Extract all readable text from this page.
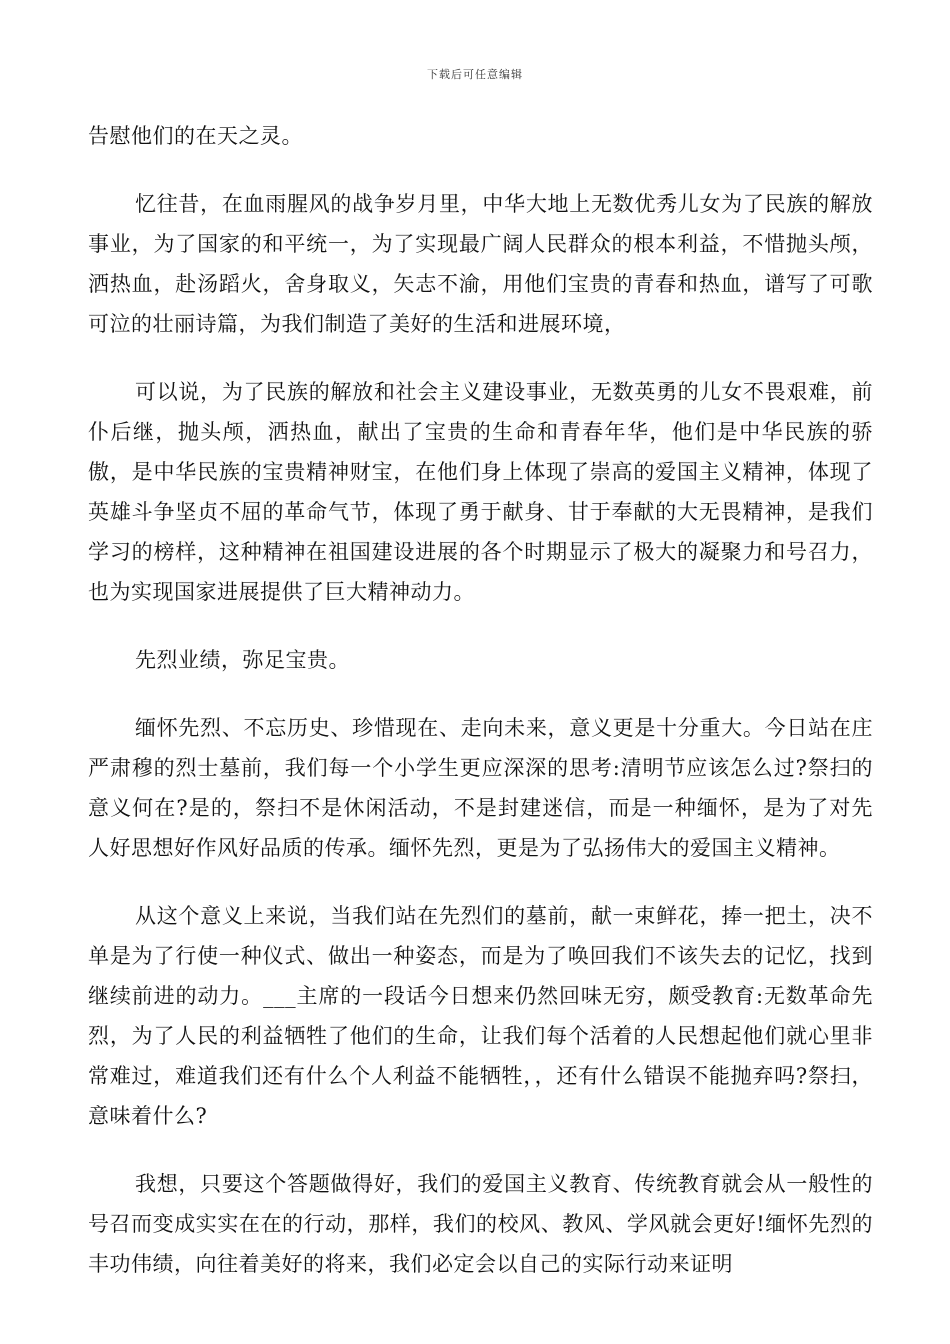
下载后可任意编辑

告慰他们的在天之灵。

忆往昔，在血雨腥风的战争岁月里，中华大地上无数优秀儿女为了民族的解放事业，为了国家的和平统一，为了实现最广阔人民群众的根本利益，不惜抛头颅，洒热血，赴汤蹈火，舍身取义，矢志不渝，用他们宝贵的青春和热血，谱写了可歌可泣的壮丽诗篇，为我们制造了美好的生活和进展环境，

可以说，为了民族的解放和社会主义建设事业，无数英勇的儿女不畏艰难，前仆后继，抛头颅，洒热血，献出了宝贵的生命和青春年华，他们是中华民族的骄傲，是中华民族的宝贵精神财宝，在他们身上体现了崇高的爱国主义精神，体现了英雄斗争坚贞不屈的革命气节，体现了勇于献身、甘于奉献的大无畏精神，是我们学习的榜样，这种精神在祖国建设进展的各个时期显示了极大的凝聚力和号召力，也为实现国家进展提供了巨大精神动力。

先烈业绩，弥足宝贵。

缅怀先烈、不忘历史、珍惜现在、走向未来，意义更是十分重大。今日站在庄严肃穆的烈士墓前，我们每一个小学生更应深深的思考:清明节应该怎么过?祭扫的意义何在?是的，祭扫不是休闲活动，不是封建迷信，而是一种缅怀，是为了对先人好思想好作风好品质的传承。缅怀先烈，更是为了弘扬伟大的爱国主义精神。

从这个意义上来说，当我们站在先烈们的墓前，献一束鲜花，捧一把土，决不单是为了行使一种仪式、做出一种姿态，而是为了唤回我们不该失去的记忆，找到继续前进的动力。___主席的一段话今日想来仍然回味无穷，颇受教育:无数革命先烈，为了人民的利益牺牲了他们的生命，让我们每个活着的人民想起他们就心里非常难过，难道我们还有什么个人利益不能牺牲，，还有什么错误不能抛弃吗?祭扫，意味着什么?

我想，只要这个答题做得好，我们的爱国主义教育、传统教育就会从一般性的号召而变成实实在在的行动，那样，我们的校风、教风、学风就会更好!缅怀先烈的丰功伟绩，向往着美好的将来，我们必定会以自己的实际行动来证明
